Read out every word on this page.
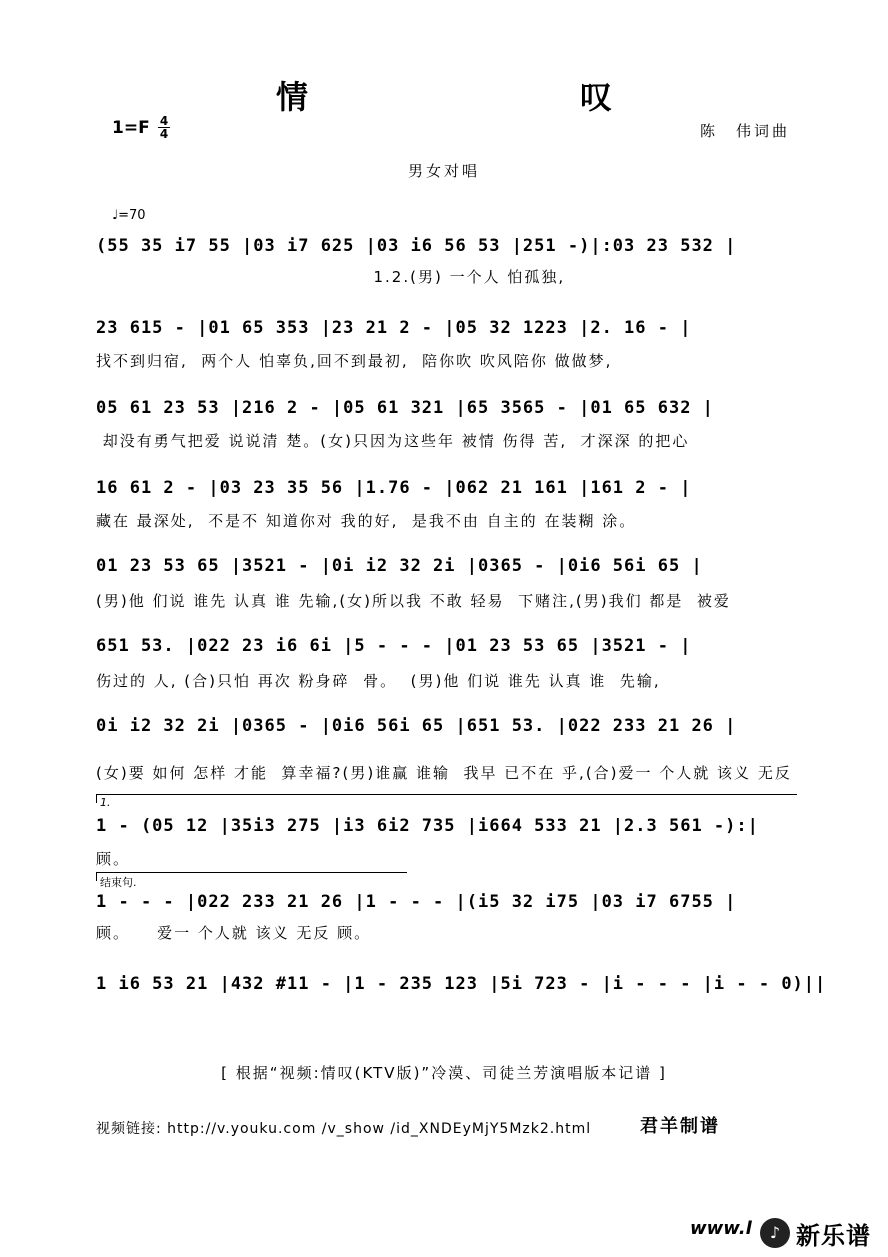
情　叹
1=F 4
4	陈　伟词曲
男女对唱
♩=70
(55 35 i7 55 |03 i7 625 |03 i6 56 53 |251 -)|:03 23 532 |
1.2.(男) 一个人 怕孤独,
23 615 - |01 65 353 |23 21 2 - |05 32 1223 |2. 16 - |
找不到归宿,  两个人 怕辜负,回不到最初,  陪你吹 吹风陪你 做做梦,
05 61 23 53 |216 2 - |05 61 321 |65 3565 - |01 65 632 |
却没有勇气把爱 说说清 楚。(女)只因为这些年 被情 伤得 苦,  才深深 的把心
16 61 2 - |03 23 35 56 |1.76 - |062 21 161 |161 2 - |
藏在 最深处,  不是不 知道你对 我的好,  是我不由 自主的 在装糊 涂。
01 23 53 65 |3521 - |0i i2 32 2i |0365 - |0i6 56i 65 |
(男)他 们说 谁先 认真 谁 先输,(女)所以我 不敢 轻易  下赌注,(男)我们 都是  被爱
651 53. |022 23 i6 6i |5 - - - |01 23 53 65 |3521 - |
伤过的 人, (合)只怕 再次 粉身碎  骨。  (男)他 们说 谁先 认真 谁  先输,
0i i2 32 2i |0365 - |0i6 56i 65 |651 53. |022 233 21 26 |
(女)要 如何 怎样 才能  算幸福?(男)谁赢 谁输  我早 已不在 乎,(合)爱一 个人就 该义 无反
1.
1 - (05 12 |35i3 275 |i3 6i2 735 |i664 533 21 |2.3 561 -):|
顾。
结束句.
1 - - - |022 233 21 26 |1 - - - |(i5 32 i75 |03 i7 6755 |
顾。    爱一 个人就 该义 无反 顾。
1 i6 53 21 |432 #11 - |1 - 235 123 |5i 723 - |i - - - |i - - 0)||
[ 根据“视频:情叹(KTV版)”冷漠、司徒兰芳演唱版本记谱 ]
视频链接: http://v.youku.com /v_show /id_XNDEyMjY5Mzk2.html	君羊制谱
www.l	♪ 新乐谱
